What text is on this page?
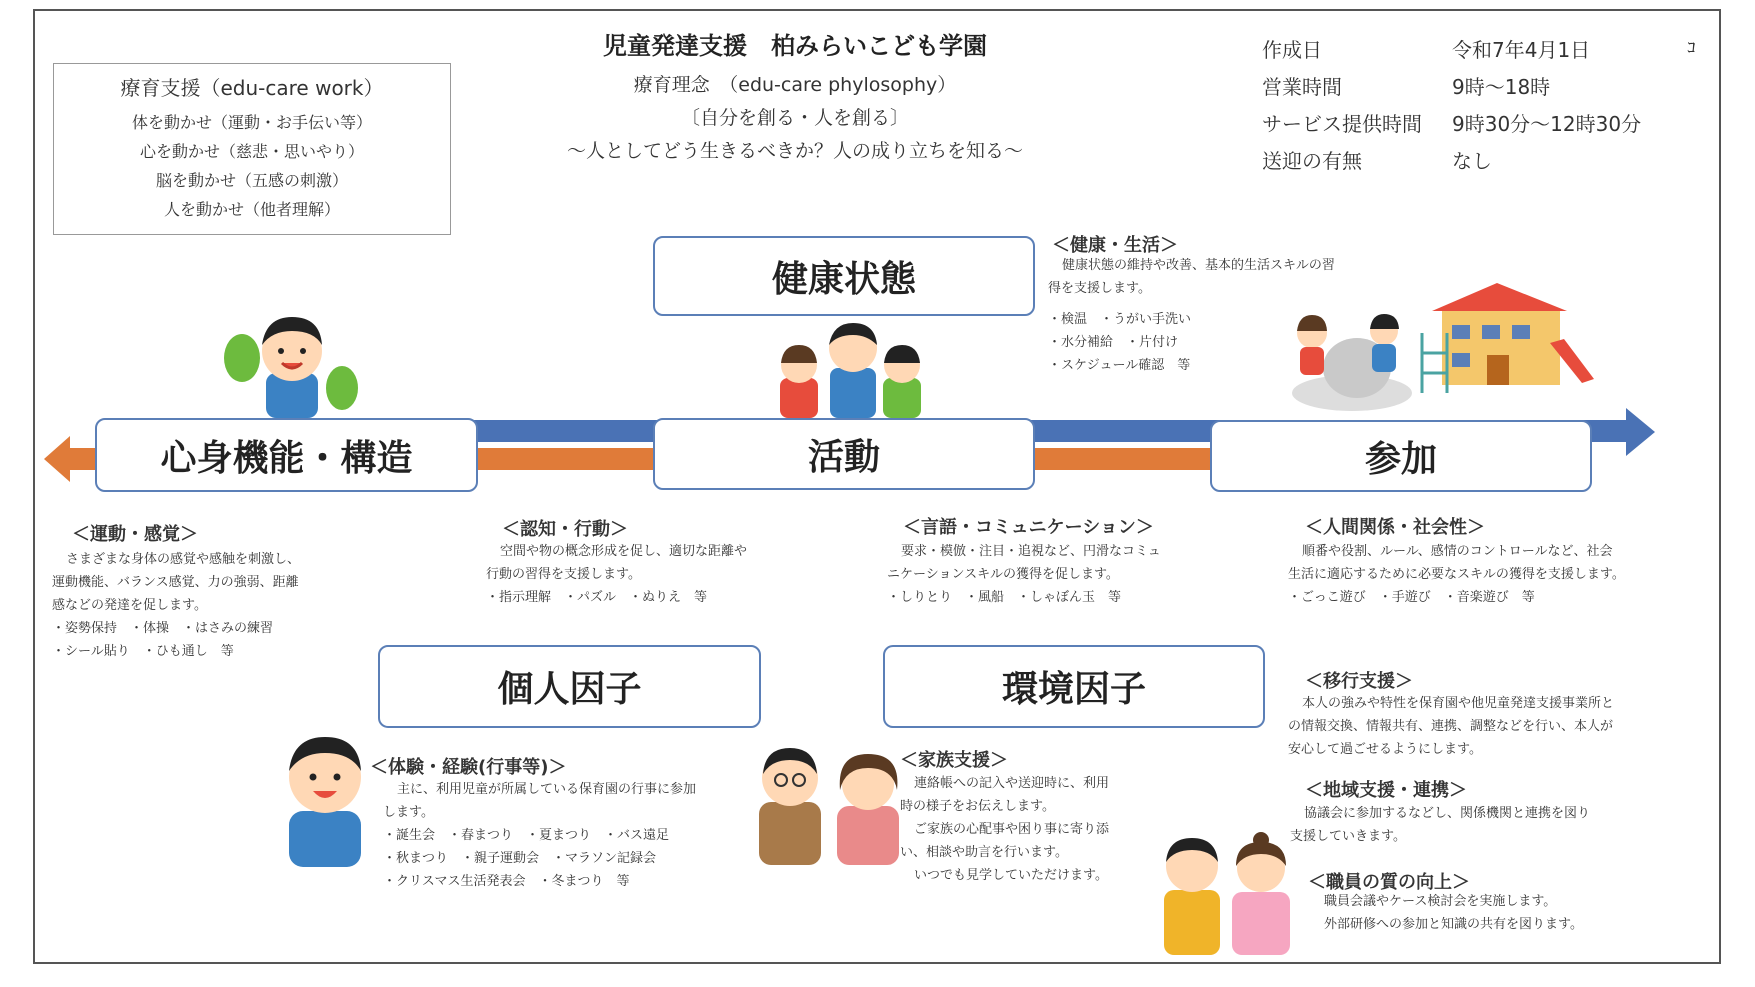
児童発達支援　柏みらいこども学園
療育理念　（edu-care phylosophy）
〔自分を創る・人を創る〕
～人としてどう生きるべきか？人の成り立ちを知る～
療育支援（edu-care work）
体を動かせ（運動・お手伝い等）
心を動かせ（慈悲・思いやり）
脳を動かせ（五感の刺激）
人を動かせ（他者理解）
作成日	令和7年4月1日
営業時間	9時～18時
サービス提供時間 9時30分～12時30分
送迎の有無	なし
ｺ
健康状態
心身機能・構造	活動	参加
個人因子	環境因子
＜健康・生活＞
健康状態の維持や改善、基本的生活スキルの習
得を支援します。
・検温　・うがい手洗い
・水分補給　・片付け
・スケジュール確認　等
＜運動・感覚＞
さまざまな身体の感覚や感触を刺激し、
運動機能、バランス感覚、力の強弱、距離
感などの発達を促します。
・姿勢保持　・体操　・はさみの練習
・シール貼り　・ひも通し　等
＜認知・行動＞
空間や物の概念形成を促し、適切な距離や
行動の習得を支援します。
・指示理解　・パズル　・ぬりえ　等
＜言語・コミュニケーション＞
要求・模倣・注目・追視など、円滑なコミュ
ニケーションスキルの獲得を促します。
・しりとり　・風船　・しゃぼん玉　等
＜人間関係・社会性＞
順番や役割、ルール、感情のコントロールなど、社会
生活に適応するために必要なスキルの獲得を支援します。
・ごっこ遊び　・手遊び　・音楽遊び　等
＜体験・経験(行事等)＞
主に、利用児童が所属している保育園の行事に参加
します。
・誕生会　・春まつり　・夏まつり　・バス遠足
・秋まつり　・親子運動会　・マラソン記録会
・クリスマス生活発表会　・冬まつり　等
＜家族支援＞
連絡帳への記入や送迎時に、利用
時の様子をお伝えします。
ご家族の心配事や困り事に寄り添
い、相談や助言を行います。
いつでも見学していただけます。
＜移行支援＞
本人の強みや特性を保育園や他児童発達支援事業所と
の情報交換、情報共有、連携、調整などを行い、本人が
安心して過ごせるようにします。
＜地域支援・連携＞
協議会に参加するなどし、関係機関と連携を図り
支援していきます。
＜職員の質の向上＞
職員会議やケース検討会を実施します。
外部研修への参加と知識の共有を図ります。
